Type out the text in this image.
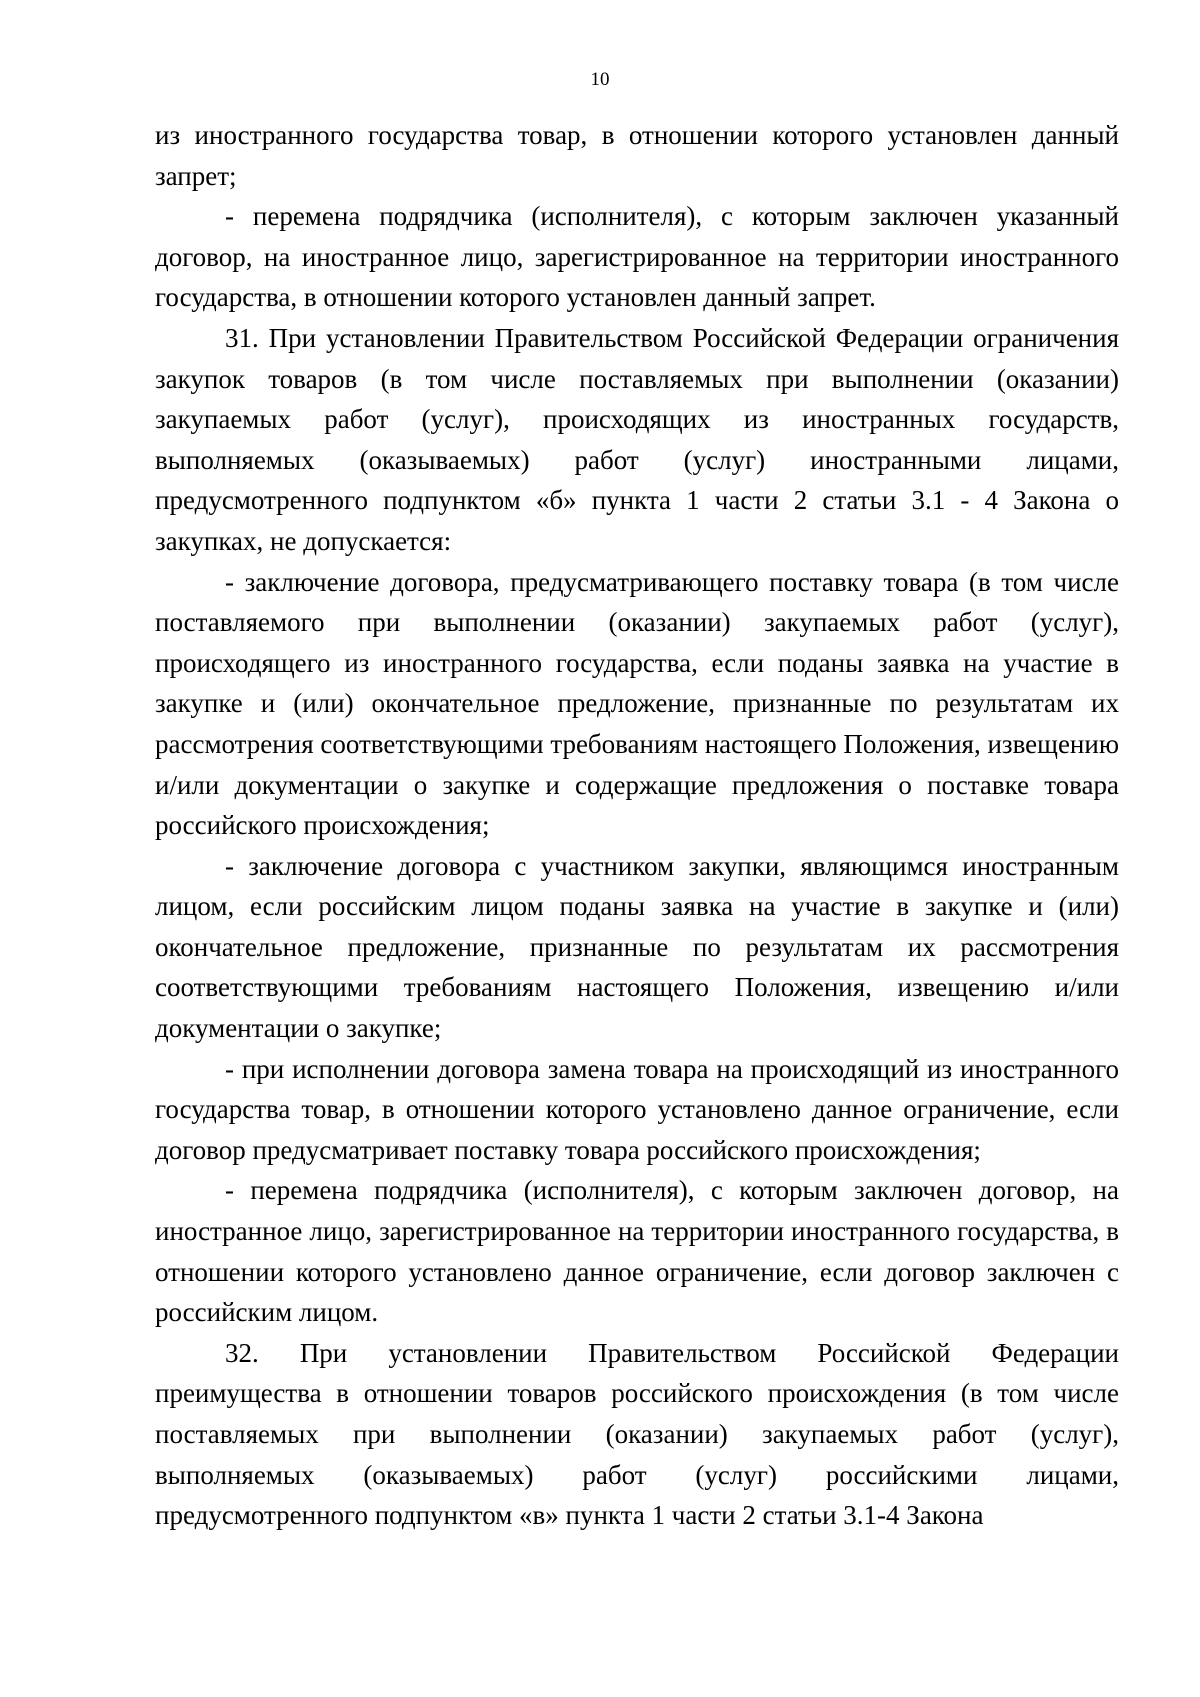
10

из иностранного государства товар, в отношении которого установлен данный запрет;

- перемена подрядчика (исполнителя), с которым заключен указанный договор, на иностранное лицо, зарегистрированное на территории иностранного государства, в отношении которого установлен данный запрет.

31. При установлении Правительством Российской Федерации ограничения закупок товаров (в том числе поставляемых при выполнении (оказании) закупаемых работ (услуг), происходящих из иностранных государств, выполняемых (оказываемых) работ (услуг) иностранными лицами, предусмотренного подпунктом «б» пункта 1 части 2 статьи 3.1 - 4 Закона о закупках, не допускается:

- заключение договора, предусматривающего поставку товара (в том числе поставляемого при выполнении (оказании) закупаемых работ (услуг), происходящего из иностранного государства, если поданы заявка на участие в закупке и (или) окончательное предложение, признанные по результатам их рассмотрения соответствующими требованиям настоящего Положения, извещению и/или документации о закупке и содержащие предложения о поставке товара российского происхождения;

- заключение договора с участником закупки, являющимся иностранным лицом, если российским лицом поданы заявка на участие в закупке и (или) окончательное предложение, признанные по результатам их рассмотрения соответствующими требованиям настоящего Положения, извещению и/или документации о закупке;

- при исполнении договора замена товара на происходящий из иностранного государства товар, в отношении которого установлено данное ограничение, если договор предусматривает поставку товара российского происхождения;

- перемена подрядчика (исполнителя), с которым заключен договор, на иностранное лицо, зарегистрированное на территории иностранного государства, в отношении которого установлено данное ограничение, если договор заключен с российским лицом.

32. При установлении Правительством Российской Федерации преимущества в отношении товаров российского происхождения (в том числе поставляемых при выполнении (оказании) закупаемых работ (услуг), выполняемых (оказываемых) работ (услуг) российскими лицами, предусмотренного подпунктом «в» пункта 1 части 2 статьи 3.1-4 Закона
